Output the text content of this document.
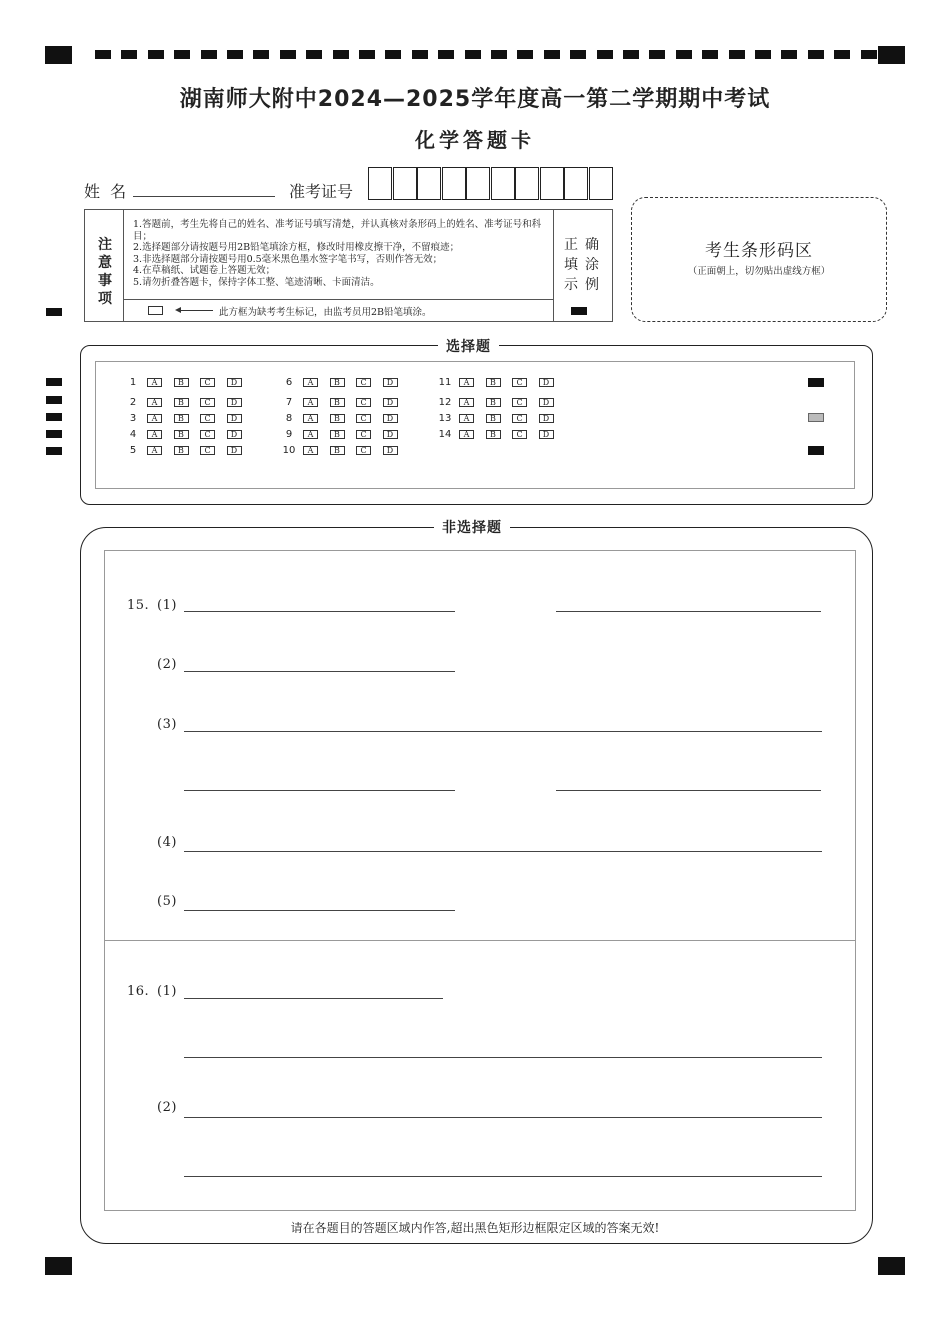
湖南师大附中2024—2025学年度高一第二学期期中考试
化学答题卡
姓  名	准考证号
注
意
事
项
1.答题前，考生先将自己的姓名、准考证号填写清楚，并认真核对条形码上的姓名、准考证号和科目；
2.选择题部分请按题号用2B铅笔填涂方框，修改时用橡皮擦干净，不留痕迹；
3.非选择题部分请按题号用0.5毫米黑色墨水签字笔书写，否则作答无效；
4.在草稿纸、试题卷上答题无效；
5.请勿折叠答题卡，保持字体工整、笔迹清晰、卡面清洁。
此方框为缺考考生标记，由监考员用2B铅笔填涂。
正 确
填 涂
示 例
考生条形码区
（正面朝上，切勿贴出虚线方框）
选择题
1	A	B	C	D
2	A	B	C	D
3	A	B	C	D
4	A	B	C	D
5	A	B	C	D
6	A	B	C	D
7	A	B	C	D
8	A	B	C	D
9	A	B	C	D
10	A	B	C	D
11	A	B	C	D
12	A	B	C	D
13	A	B	C	D
14	A	B	C	D
非选择题
15. (1)
(2)
(3)
(4)
(5)
16. (1)
(2)
请在各题目的答题区域内作答,超出黑色矩形边框限定区域的答案无效!
